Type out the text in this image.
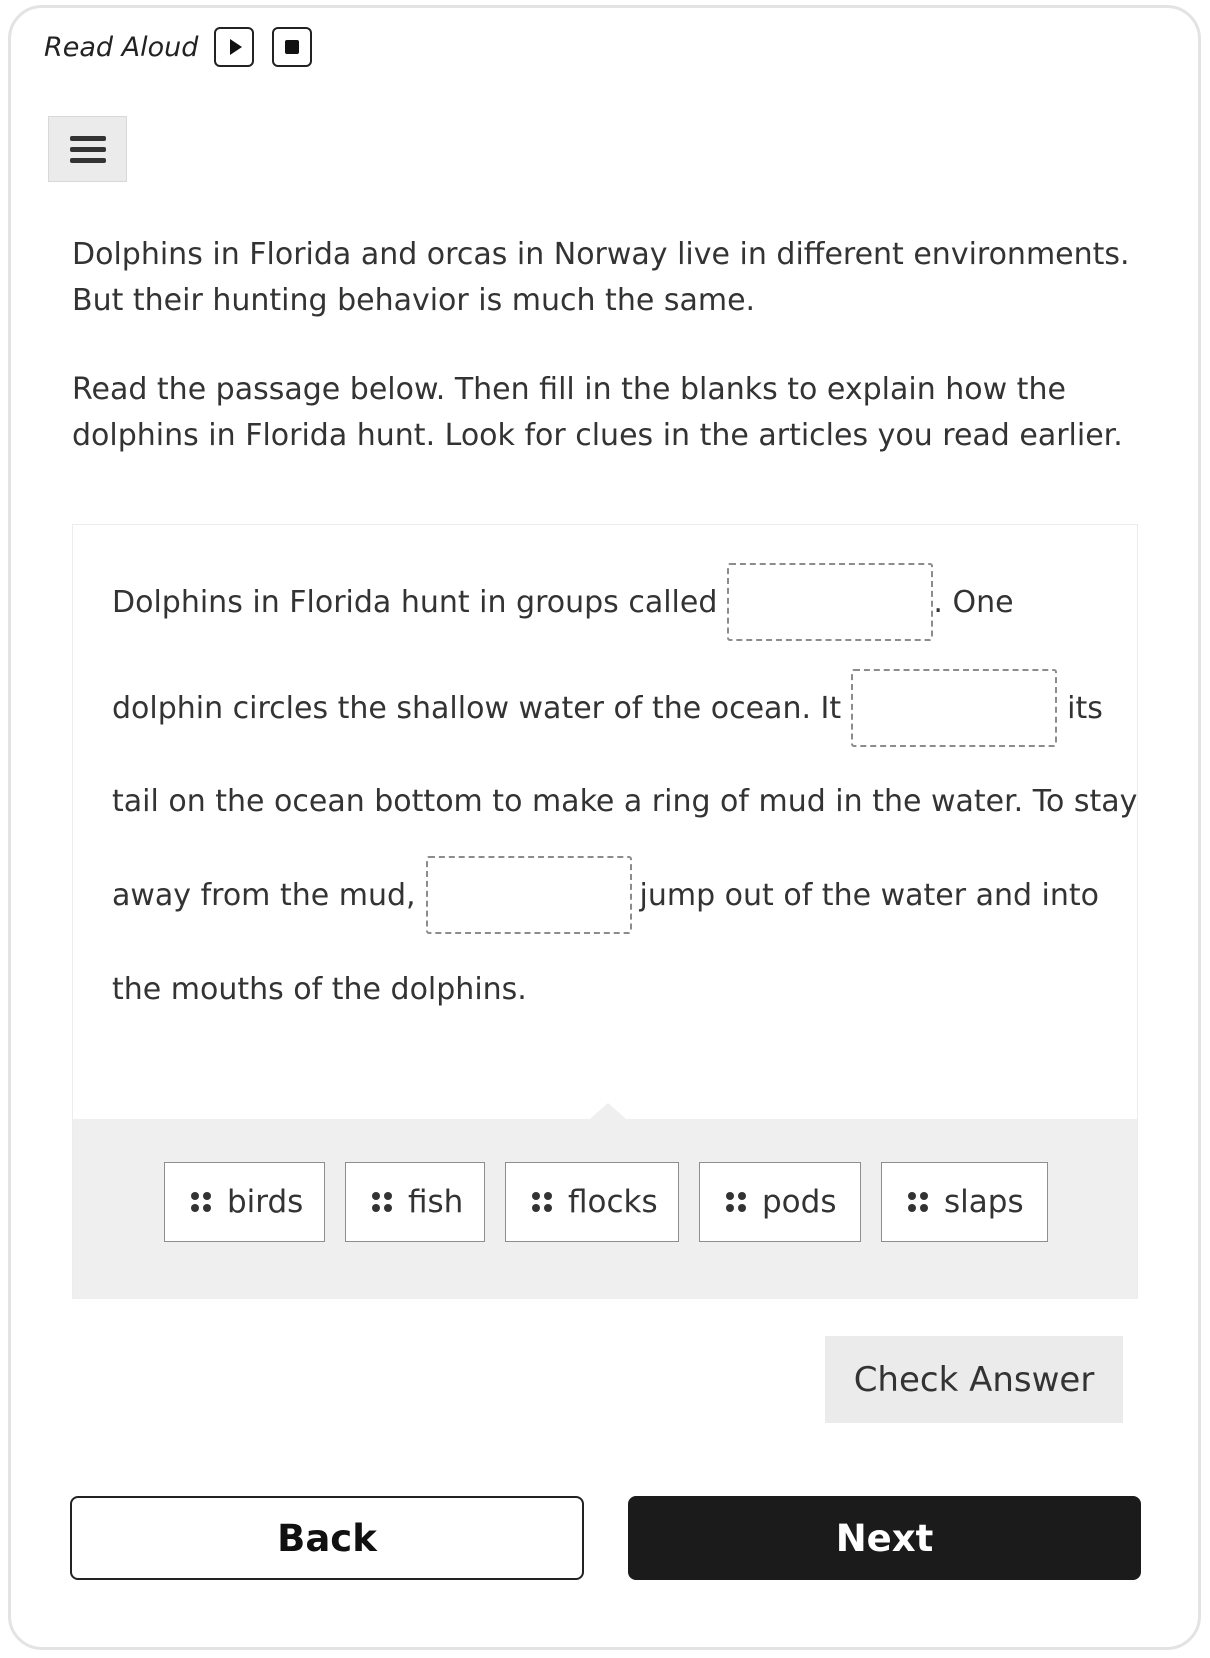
Read Aloud

Dolphins in Florida and orcas in Norway live in different environments. But their hunting behavior is much the same.

Read the passage below. Then fill in the blanks to explain how the dolphins in Florida hunt. Look for clues in the articles you read earlier.

Dolphins in Florida hunt in groups called	. One
dolphin circles the shallow water of the ocean. It	its
tail on the ocean bottom to make a ring of mud in the water. To stay
away from the mud,	jump out of the water and into
the mouths of the dolphins.
birds	fish	flocks	pods	slaps
Check Answer
Back	Next
